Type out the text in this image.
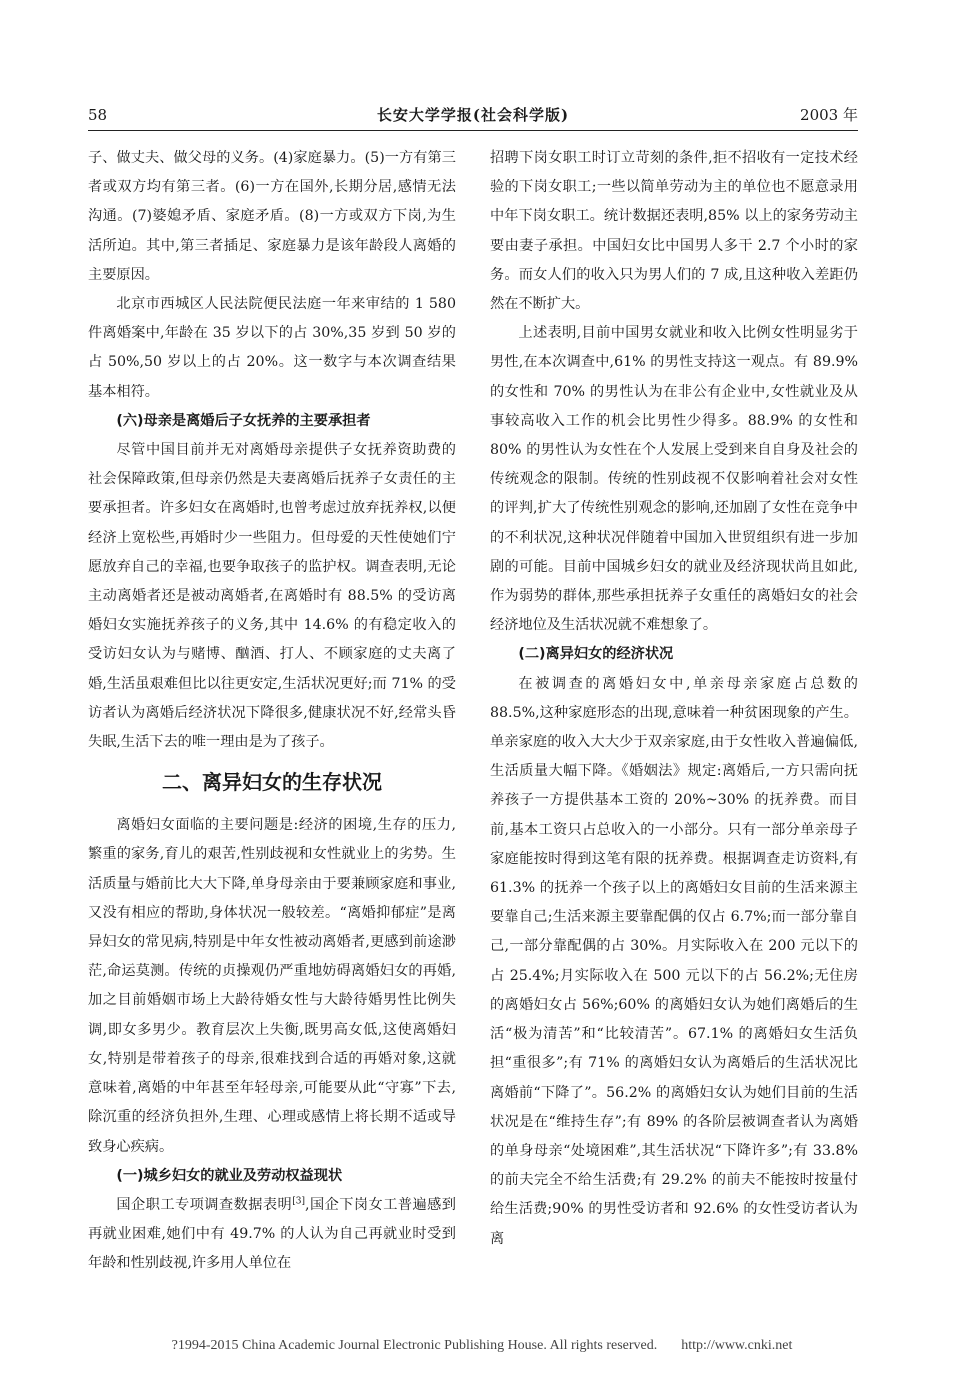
58	长安大学学报(社会科学版)	2003 年

子、做丈夫、做父母的义务。(4)家庭暴力。(5)一方有第三者或双方均有第三者。(6)一方在国外,长期分居,感情无法沟通。(7)婆媳矛盾、家庭矛盾。(8)一方或双方下岗,为生活所迫。其中,第三者插足、家庭暴力是该年龄段人离婚的主要原因。

北京市西城区人民法院便民法庭一年来审结的 1 580 件离婚案中,年龄在 35 岁以下的占 30%,35 岁到 50 岁的占 50%,50 岁以上的占 20%。这一数字与本次调查结果基本相符。

(六)母亲是离婚后子女抚养的主要承担者

尽管中国目前并无对离婚母亲提供子女抚养资助费的社会保障政策,但母亲仍然是夫妻离婚后抚养子女责任的主要承担者。许多妇女在离婚时,也曾考虑过放弃抚养权,以便经济上宽松些,再婚时少一些阻力。但母爱的天性使她们宁愿放弃自己的幸福,也要争取孩子的监护权。调查表明,无论主动离婚者还是被动离婚者,在离婚时有 88.5% 的受访离婚妇女实施抚养孩子的义务,其中 14.6% 的有稳定收入的受访妇女认为与赌博、酗酒、打人、不顾家庭的丈夫离了婚,生活虽艰难但比以往更安定,生活状况更好;而 71% 的受访者认为离婚后经济状况下降很多,健康状况不好,经常头昏失眠,生活下去的唯一理由是为了孩子。

二、离异妇女的生存状况

离婚妇女面临的主要问题是:经济的困境,生存的压力,繁重的家务,育儿的艰苦,性别歧视和女性就业上的劣势。生活质量与婚前比大大下降,单身母亲由于要兼顾家庭和事业,又没有相应的帮助,身体状况一般较差。“离婚抑郁症”是离异妇女的常见病,特别是中年女性被动离婚者,更感到前途渺茫,命运莫测。传统的贞操观仍严重地妨碍离婚妇女的再婚,加之目前婚姻市场上大龄待婚女性与大龄待婚男性比例失调,即女多男少。教育层次上失衡,既男高女低,这使离婚妇女,特别是带着孩子的母亲,很难找到合适的再婚对象,这就意味着,离婚的中年甚至年轻母亲,可能要从此“守寡”下去,除沉重的经济负担外,生理、心理或感情上将长期不适或导致身心疾病。

(一)城乡妇女的就业及劳动权益现状

国企职工专项调查数据表明[3],国企下岗女工普遍感到再就业困难,她们中有 49.7% 的人认为自己再就业时受到年龄和性别歧视,许多用人单位在

招聘下岗女职工时订立苛刻的条件,拒不招收有一定技术经验的下岗女职工;一些以简单劳动为主的单位也不愿意录用中年下岗女职工。统计数据还表明,85% 以上的家务劳动主要由妻子承担。中国妇女比中国男人多干 2.7 个小时的家务。而女人们的收入只为男人们的 7 成,且这种收入差距仍然在不断扩大。

上述表明,目前中国男女就业和收入比例女性明显劣于男性,在本次调查中,61% 的男性支持这一观点。有 89.9% 的女性和 70% 的男性认为在非公有企业中,女性就业及从事较高收入工作的机会比男性少得多。88.9% 的女性和 80% 的男性认为女性在个人发展上受到来自自身及社会的传统观念的限制。传统的性别歧视不仅影响着社会对女性的评判,扩大了传统性别观念的影响,还加剧了女性在竞争中的不利状况,这种状况伴随着中国加入世贸组织有进一步加剧的可能。目前中国城乡妇女的就业及经济现状尚且如此,作为弱势的群体,那些承担抚养子女重任的离婚妇女的社会经济地位及生活状况就不难想象了。

(二)离异妇女的经济状况

在被调查的离婚妇女中,单亲母亲家庭占总数的 88.5%,这种家庭形态的出现,意味着一种贫困现象的产生。单亲家庭的收入大大少于双亲家庭,由于女性收入普遍偏低,生活质量大幅下降。《婚姻法》规定:离婚后,一方只需向抚养孩子一方提供基本工资的 20%~30% 的抚养费。而目前,基本工资只占总收入的一小部分。只有一部分单亲母子家庭能按时得到这笔有限的抚养费。根据调查走访资料,有 61.3% 的抚养一个孩子以上的离婚妇女目前的生活来源主要靠自己;生活来源主要靠配偶的仅占 6.7%;而一部分靠自己,一部分靠配偶的占 30%。月实际收入在 200 元以下的占 25.4%;月实际收入在 500 元以下的占 56.2%;无住房的离婚妇女占 56%;60% 的离婚妇女认为她们离婚后的生活“极为清苦”和“比较清苦”。67.1% 的离婚妇女生活负担“重很多”;有 71% 的离婚妇女认为离婚后的生活状况比离婚前“下降了”。56.2% 的离婚妇女认为她们目前的生活状况是在“维持生存”;有 89% 的各阶层被调查者认为离婚的单身母亲“处境困难”,其生活状况“下降许多”;有 33.8% 的前夫完全不给生活费;有 29.2% 的前夫不能按时按量付给生活费;90% 的男性受访者和 92.6% 的女性受访者认为离

?1994-2015 China Academic Journal Electronic Publishing House. All rights reserved. http://www.cnki.net
